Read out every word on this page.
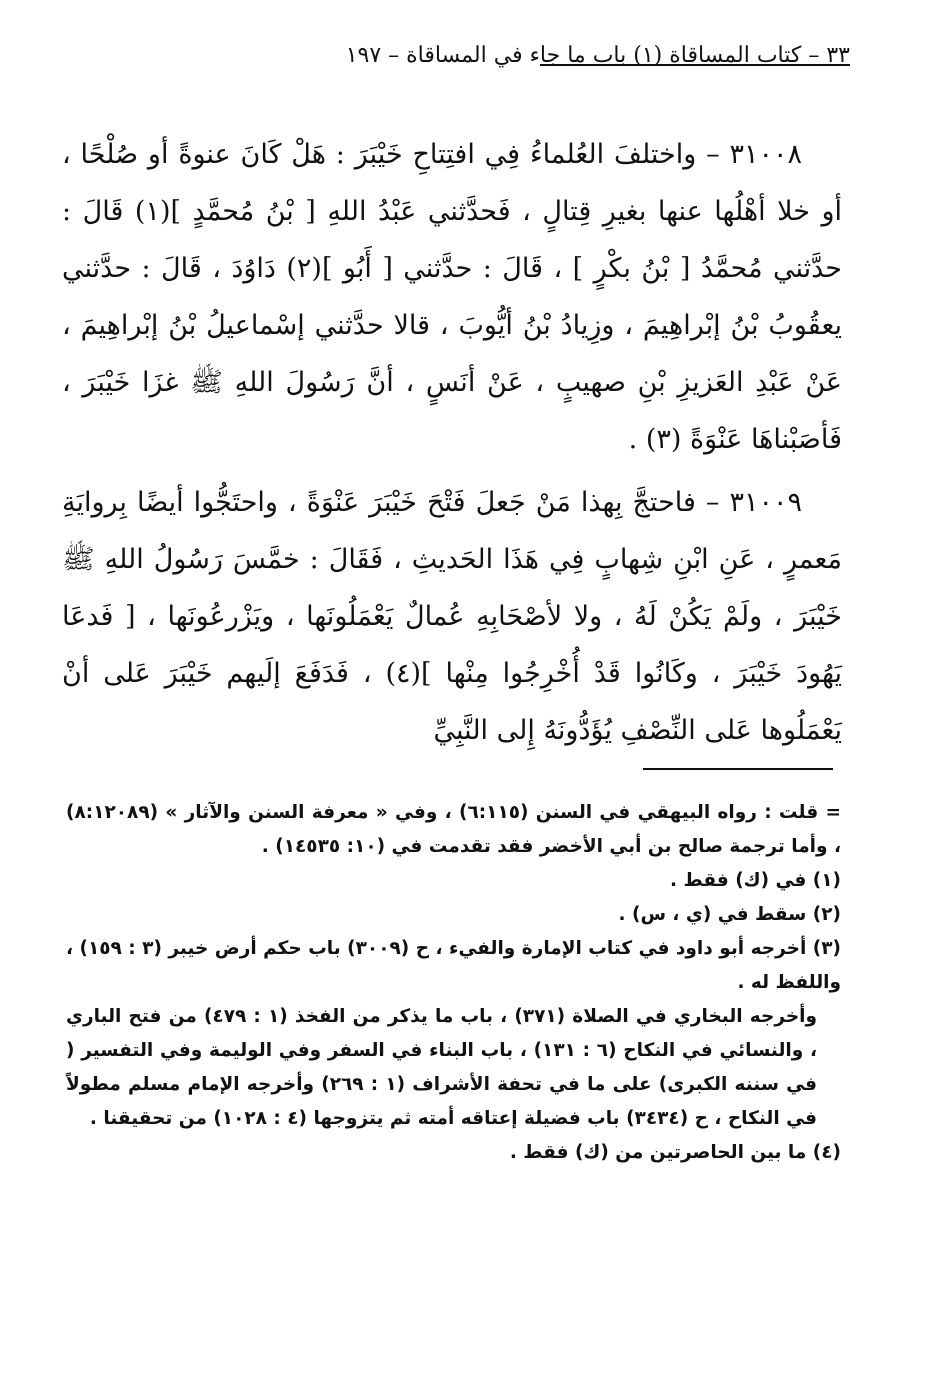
٣٣ – كتاب المساقاة (١) باب ما جاء في المساقاة – ١٩٧

٣١٠٠٨ – واختلفَ العُلماءُ فِي افتِتاحِ خَيْبَرَ : هَلْ كَانَ عنوةً أو صُلْحًا ، أو خلا أهْلُها عنها بغيرِ قِتالٍ ، فَحدَّثني عَبْدُ اللهِ [ بْنُ مُحمَّدٍ ](١) قَالَ : حدَّثني مُحمَّدُ [ بْنُ بكْرٍ ] ، قَالَ : حدَّثني [ أَبُو ](٢) دَاوُدَ ، قَالَ : حدَّثني يعقُوبُ بْنُ إبْراهِيمَ ، وزِيادُ بْنُ أيُّوبَ ، قالا حدَّثني إسْماعيلُ بْنُ إبْراهِيمَ ، عَنْ عَبْدِ العَزيزِ بْنِ صهيبٍ ، عَنْ أنَسٍ ، أنَّ رَسُولَ اللهِ ﷺ غزَا خَيْبَرَ ، فَأصَبْناهَا عَنْوَةً (٣) .

٣١٠٠٩ – فاحتجَّ بِهذا مَنْ جَعلَ فَتْحَ خَيْبَرَ عَنْوَةً ، واحتَجُّوا أيضًا بِروايَةِ مَعمرٍ ، عَنِ ابْنِ شِهابٍ فِي هَذَا الحَديثِ ، فَقَالَ : خمَّسَ رَسُولُ اللهِ ﷺ خَيْبَرَ ، ولَمْ يَكُنْ لَهُ ، ولا لأصْحَابِهِ عُمالٌ يَعْمَلُونَها ، ويَزْرعُونَها ، [ فَدعَا يَهُودَ خَيْبَرَ ، وكَانُوا قَدْ أُخْرِجُوا مِنْها ](٤) ، فَدَفَعَ إلَيهم خَيْبَرَ عَلى أنْ يَعْمَلُوها عَلى النِّصْفِ يُؤَدُّونَهُ إِلى النَّبِيِّ

= قلت : رواه البيهقي في السنن (٦:١١٥) ، وفي « معرفة السنن والآثار » (٨:١٢٠٨٩) ، وأما ترجمة صالح بن أبي الأخضر فقد تقدمت في (١٠: ١٤٥٣٥) .

(١) في (ك) فقط .

(٢) سقط في (ي ، س) .

(٣) أخرجه أبو داود في كتاب الإمارة والفيء ، ح (٣٠٠٩) باب حكم أرض خيبر (٣ : ١٥٩) ، واللفظ له .

وأخرجه البخاري في الصلاة (٣٧١) ، باب ما يذكر من الفخذ (١ : ٤٧٩) من فتح الباري ، والنسائي في النكاح (٦ : ١٣١) ، باب البناء في السفر وفي الوليمة وفي التفسير ( في سننه الكبرى) على ما في تحفة الأشراف (١ : ٢٦٩) وأخرجه الإمام مسلم مطولاً في النكاح ، ح (٣٤٣٤) باب فضيلة إعتاقه أمته ثم يتزوجها (٤ : ١٠٢٨) من تحقيقنا .

(٤) ما بين الحاصرتين من (ك) فقط .
